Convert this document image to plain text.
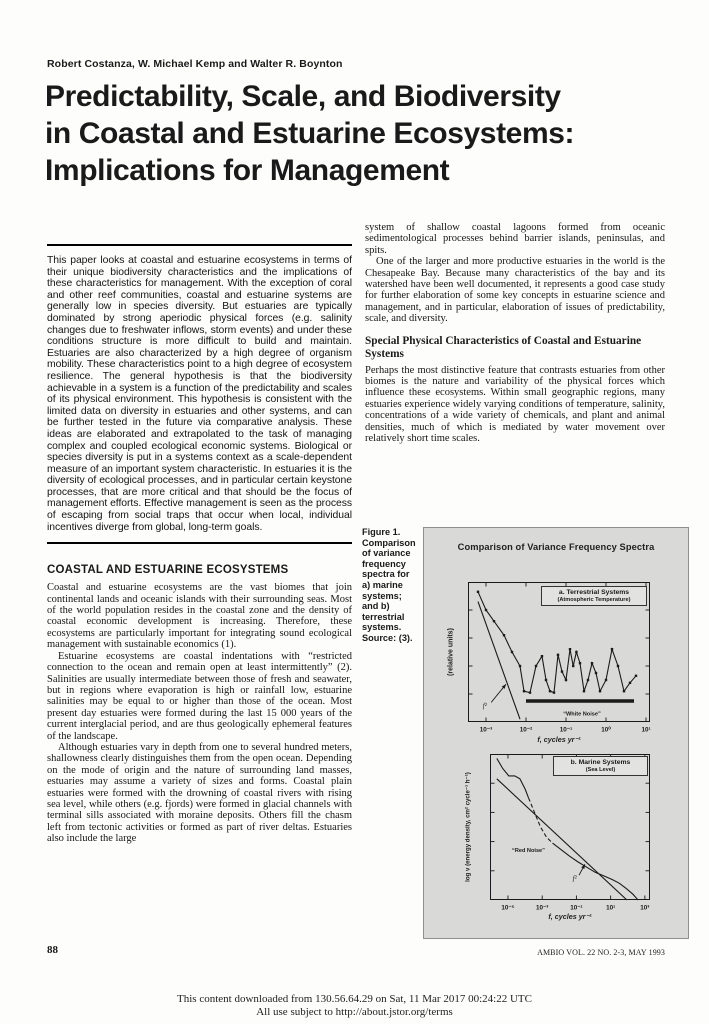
Robert Costanza, W. Michael Kemp and Walter R. Boynton
Predictability, Scale, and Biodiversity
in Coastal and Estuarine Ecosystems:
Implications for Management
This paper looks at coastal and estuarine ecosystems in terms of their unique biodiversity characteristics and the implications of these characteristics for management. With the exception of coral and other reef communities, coastal and estuarine systems are generally low in species diversity. But estuaries are typically dominated by strong aperiodic physical forces (e.g. salinity changes due to freshwater inflows, storm events) and under these conditions structure is more difficult to build and maintain. Estuaries are also characterized by a high degree of organism mobility. These characteristics point to a high degree of ecosystem resilience. The general hypothesis is that the biodiversity achievable in a system is a function of the predictability and scales of its physical environment. This hypothesis is consistent with the limited data on diversity in estuaries and other systems, and can be further tested in the future via comparative analysis. These ideas are elaborated and extrapolated to the task of managing complex and coupled ecological economic systems. Biological or species diversity is put in a systems context as a scale-dependent measure of an important system characteristic. In estuaries it is the diversity of ecological processes, and in particular certain keystone processes, that are more critical and that should be the focus of management efforts. Effective management is seen as the process of escaping from social traps that occur when local, individual incentives diverge from global, long-term goals.
COASTAL AND ESTUARINE ECOSYSTEMS

Coastal and estuarine ecosystems are the vast biomes that join continental lands and oceanic islands with their surrounding seas. Most of the world population resides in the coastal zone and the density of coastal economic development is increasing. Therefore, these ecosystems are particularly important for integrating sound ecological management with sustainable economics (1).

Estuarine ecosystems are coastal indentations with “restricted connection to the ocean and remain open at least intermittently” (2). Salinities are usually intermediate between those of fresh and seawater, but in regions where evaporation is high or rainfall low, estuarine salinities may be equal to or higher than those of the ocean. Most present day estuaries were formed during the last 15 000 years of the current interglacial period, and are thus geologically ephemeral features of the landscape.

Although estuaries vary in depth from one to several hundred meters, shallowness clearly distinguishes them from the open ocean. Depending on the mode of origin and the nature of surrounding land masses, estuaries may assume a variety of sizes and forms. Coastal plain estuaries were formed with the drowning of coastal rivers with rising sea level, while others (e.g. fjords) were formed in glacial channels with terminal sills associated with moraine deposits. Others fill the chasm left from tectonic activities or formed as part of river deltas. Estuaries also include the large

system of shallow coastal lagoons formed from oceanic sedimentological processes behind barrier islands, peninsulas, and spits.

One of the larger and more productive estuaries in the world is the Chesapeake Bay. Because many characteristics of the bay and its watershed have been well documented, it represents a good case study for further elaboration of some key concepts in estuarine science and management, and in particular, elaboration of issues of predictability, scale, and diversity.

Special Physical Characteristics of Coastal and Estuarine Systems

Perhaps the most distinctive feature that contrasts estuaries from other biomes is the nature and variability of the physical forces which influence these ecosystems. Within small geographic regions, many estuaries experience widely varying conditions of temperature, salinity, concentrations of a wide variety of chemicals, and plant and animal densities, much of which is mediated by water movement over relatively short time scales.

Figure 1. Comparison of variance frequency spectra for a) marine systems; and b) terrestrial systems. Source: (3).
Comparison of Variance Frequency Spectra
(relative units)
10⁻³	10⁻²	10⁻¹	10⁰	10¹
f²
“White Noise”
a. Terrestrial Systems
(Atmospheric Temperature)
f, cycles yr⁻¹
log ν (energy density, cm² cycle⁻¹ h⁻¹)
10⁻⁵	10⁻³	10⁻¹	10¹	10³
“Red Noise”
f²
b. Marine Systems
(Sea Level)
f, cycles yr⁻¹
88	AMBIO VOL. 22 NO. 2-3, MAY 1993
This content downloaded from 130.56.64.29 on Sat, 11 Mar 2017 00:24:22 UTC
All use subject to http://about.jstor.org/terms
